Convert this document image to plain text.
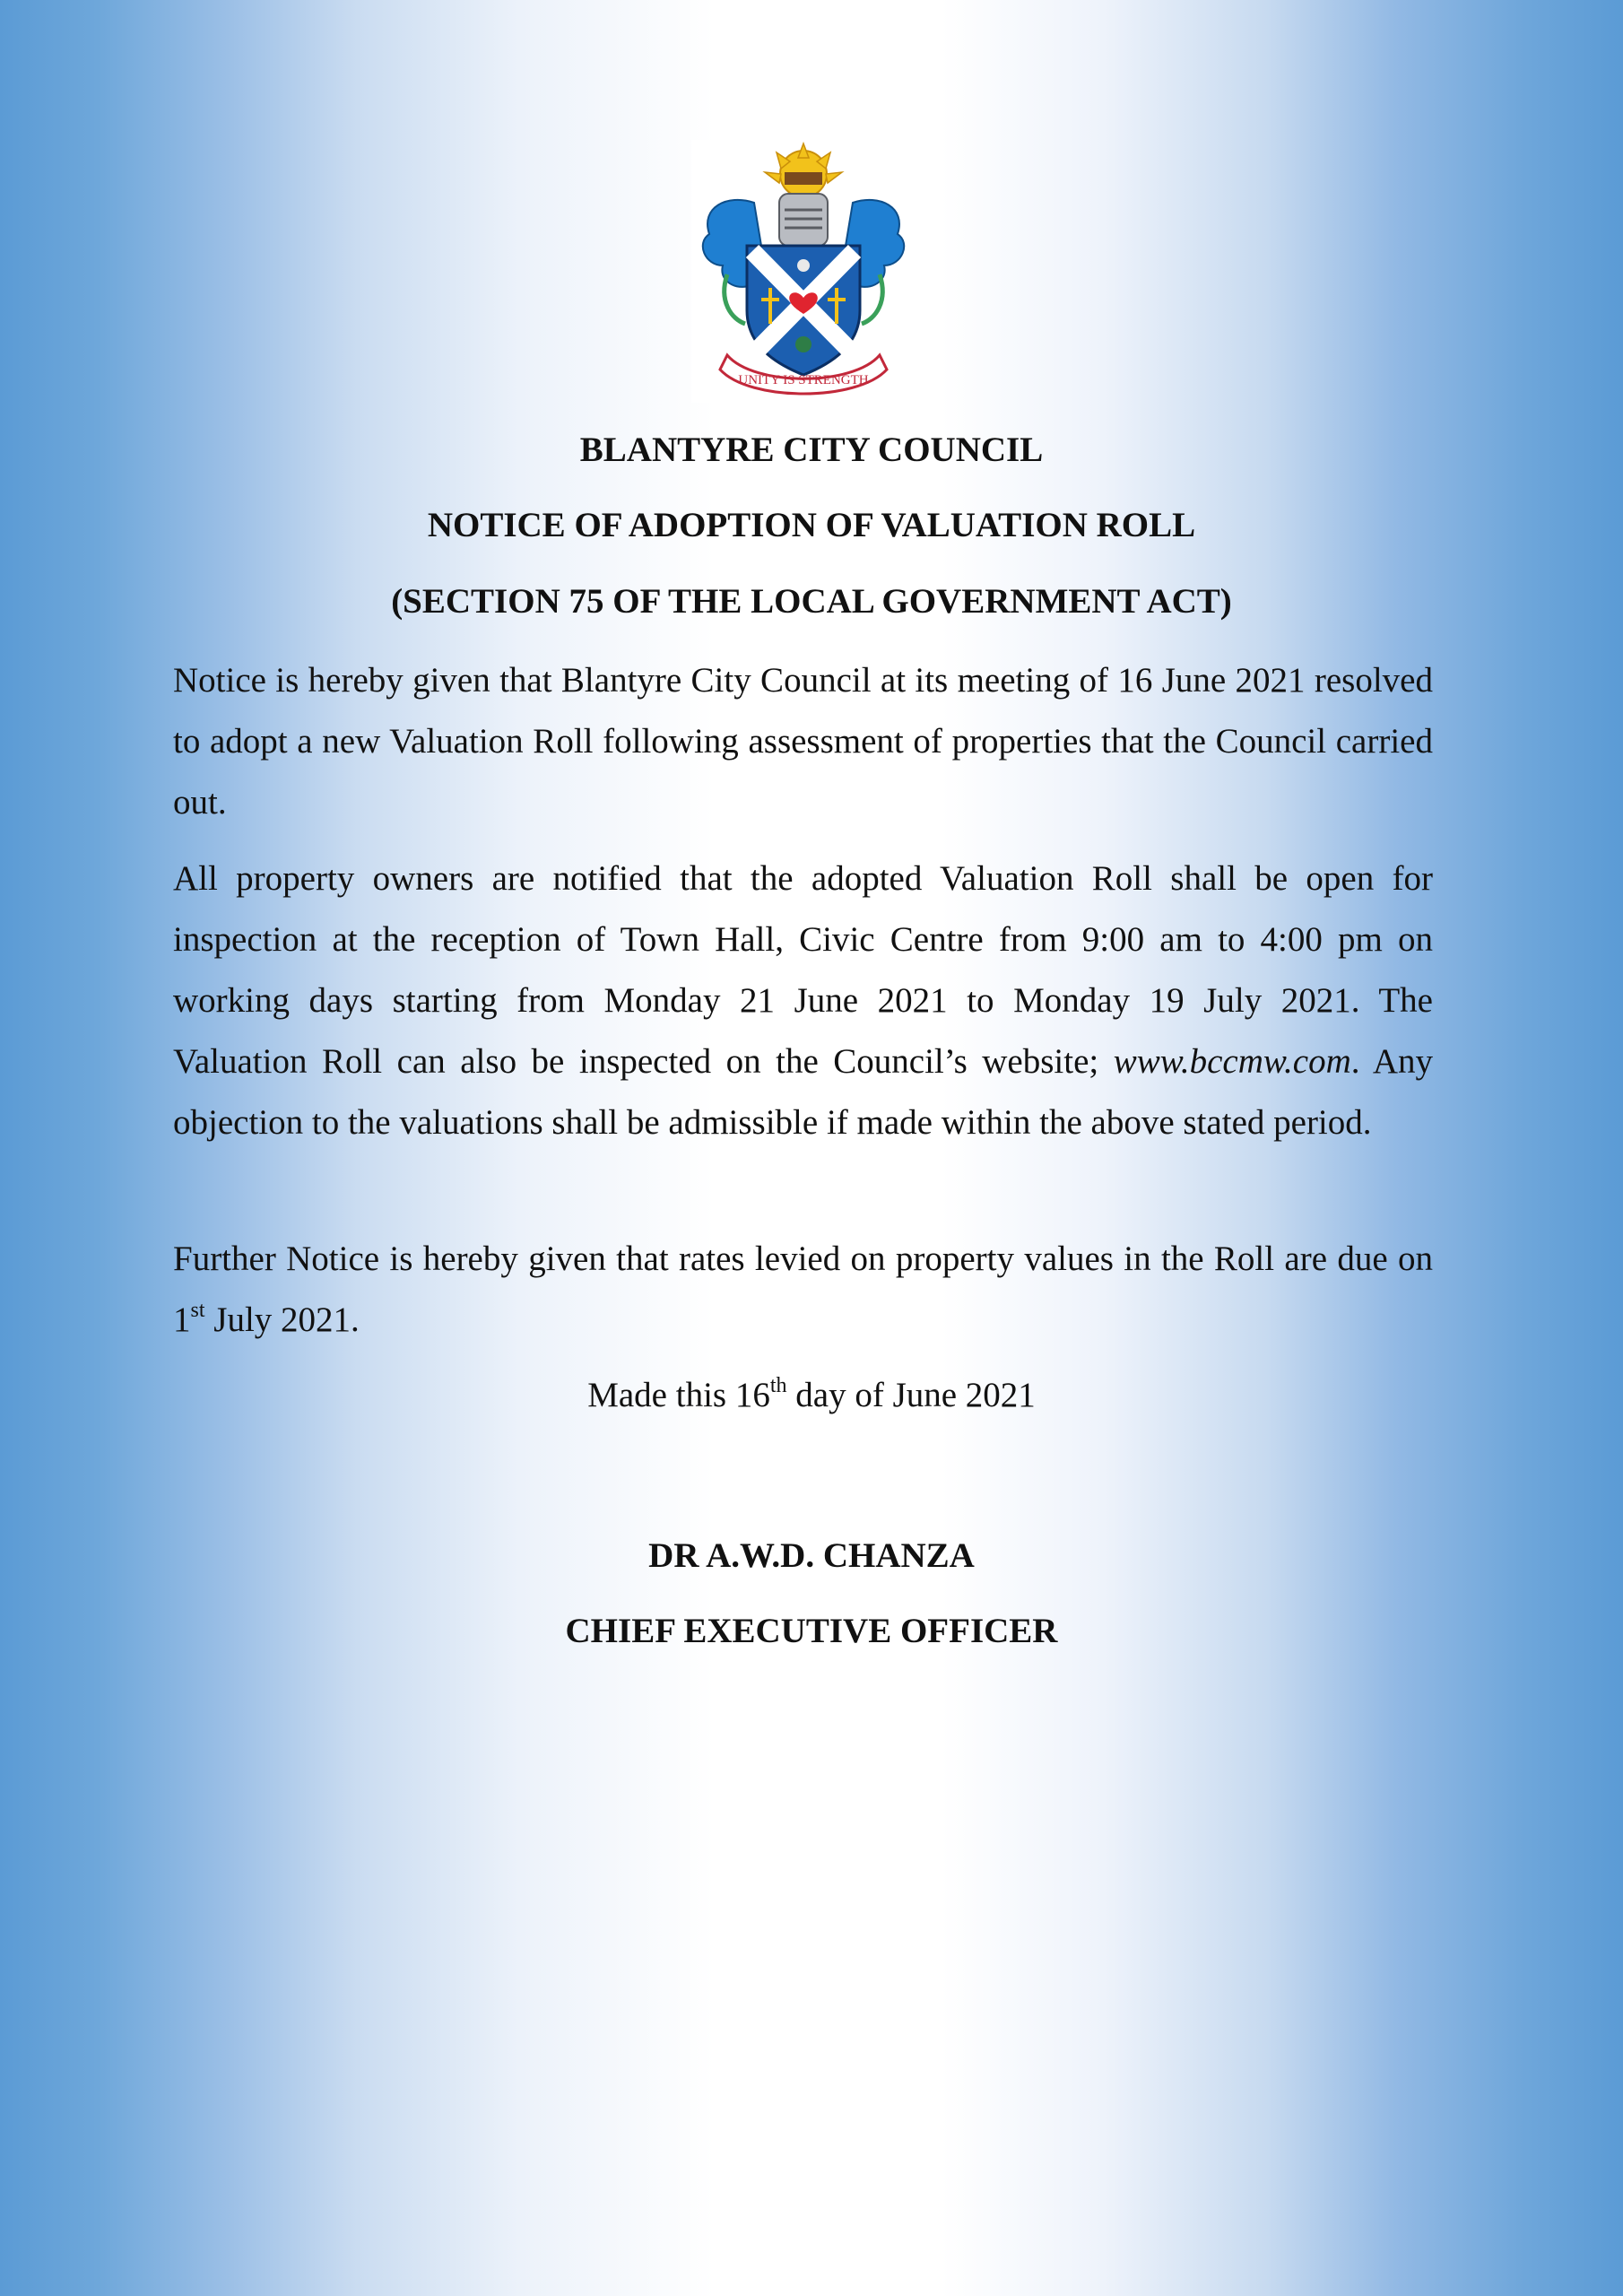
UNITY IS STRENGTH
BLANTYRE CITY COUNCIL
NOTICE OF ADOPTION OF VALUATION ROLL
(SECTION 75 OF THE LOCAL GOVERNMENT ACT)

Notice is hereby given that Blantyre City Council at its meeting of 16 June 2021 resolved to adopt a new Valuation Roll following assessment of properties that the Council carried out.

All property owners are notified that the adopted Valuation Roll shall be open for inspection at the reception of Town Hall, Civic Centre from 9:00 am to 4:00 pm on working days starting from Monday 21 June 2021 to Monday 19 July 2021. The Valuation Roll can also be inspected on the Council’s website; www.bccmw.com. Any objection to the valuations shall be admissible if made within the above stated period.

Further Notice is hereby given that rates levied on property values in the Roll are due on 1st July 2021.

Made this 16th day of June 2021

DR A.W.D. CHANZA
CHIEF EXECUTIVE OFFICER
